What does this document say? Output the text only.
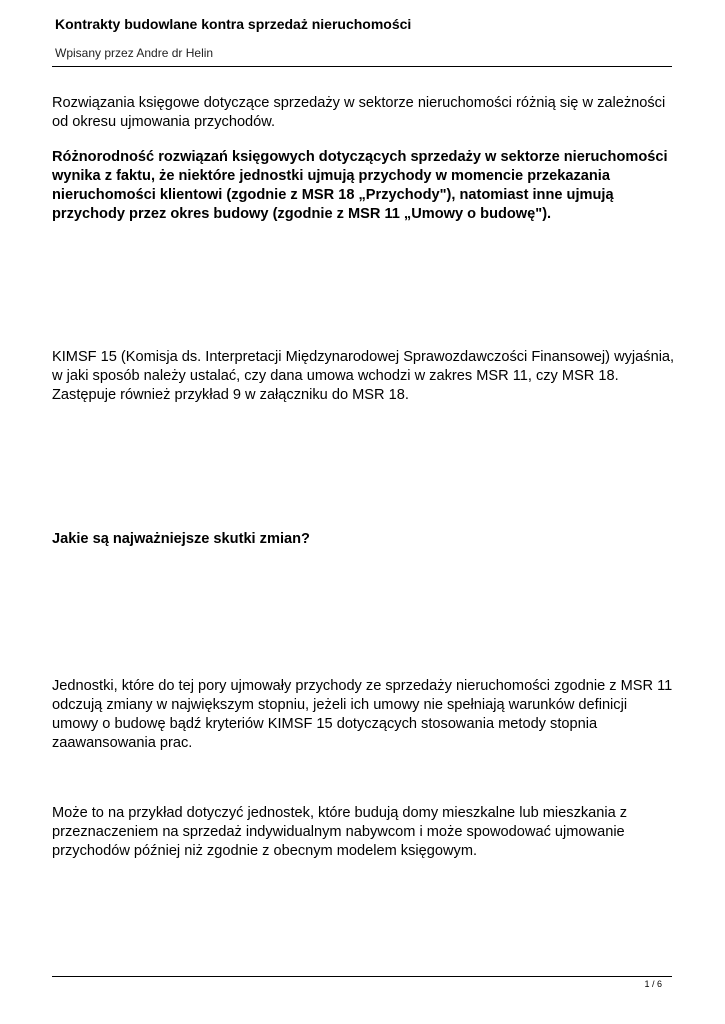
Kontrakty budowlane kontra sprzedaż nieruchomości
Wpisany przez Andre dr Helin

Rozwiązania księgowe dotyczące sprzedaży w sektorze nieruchomości różnią się w zależności od okresu ujmowania przychodów.

Różnorodność rozwiązań księgowych dotyczących sprzedaży w sektorze nieruchomości wynika z faktu, że niektóre jednostki ujmują przychody w momencie przekazania nieruchomości klientowi (zgodnie z MSR 18 „Przychody"), natomiast inne ujmują przychody przez okres budowy (zgodnie z MSR 11 „Umowy o budowę").

KIMSF 15 (Komisja ds. Interpretacji Międzynarodowej Sprawozdawczości Finansowej) wyjaśnia, w jaki sposób należy ustalać, czy dana umowa wchodzi w zakres MSR 11, czy MSR 18. Zastępuje również przykład 9 w załączniku do MSR 18.

Jakie są najważniejsze skutki zmian?

Jednostki, które do tej pory ujmowały przychody ze sprzedaży nieruchomości zgodnie z MSR 11 odczują zmiany w największym stopniu, jeżeli ich umowy nie spełniają warunków definicji umowy o budowę bądź kryteriów KIMSF 15 dotyczących stosowania metody stopnia zaawansowania prac.

Może to na przykład dotyczyć jednostek, które budują domy mieszkalne lub mieszkania z przeznaczeniem na sprzedaż indywidualnym nabywcom i może spowodować ujmowanie przychodów później niż zgodnie z obecnym modelem księgowym.

1 / 6
